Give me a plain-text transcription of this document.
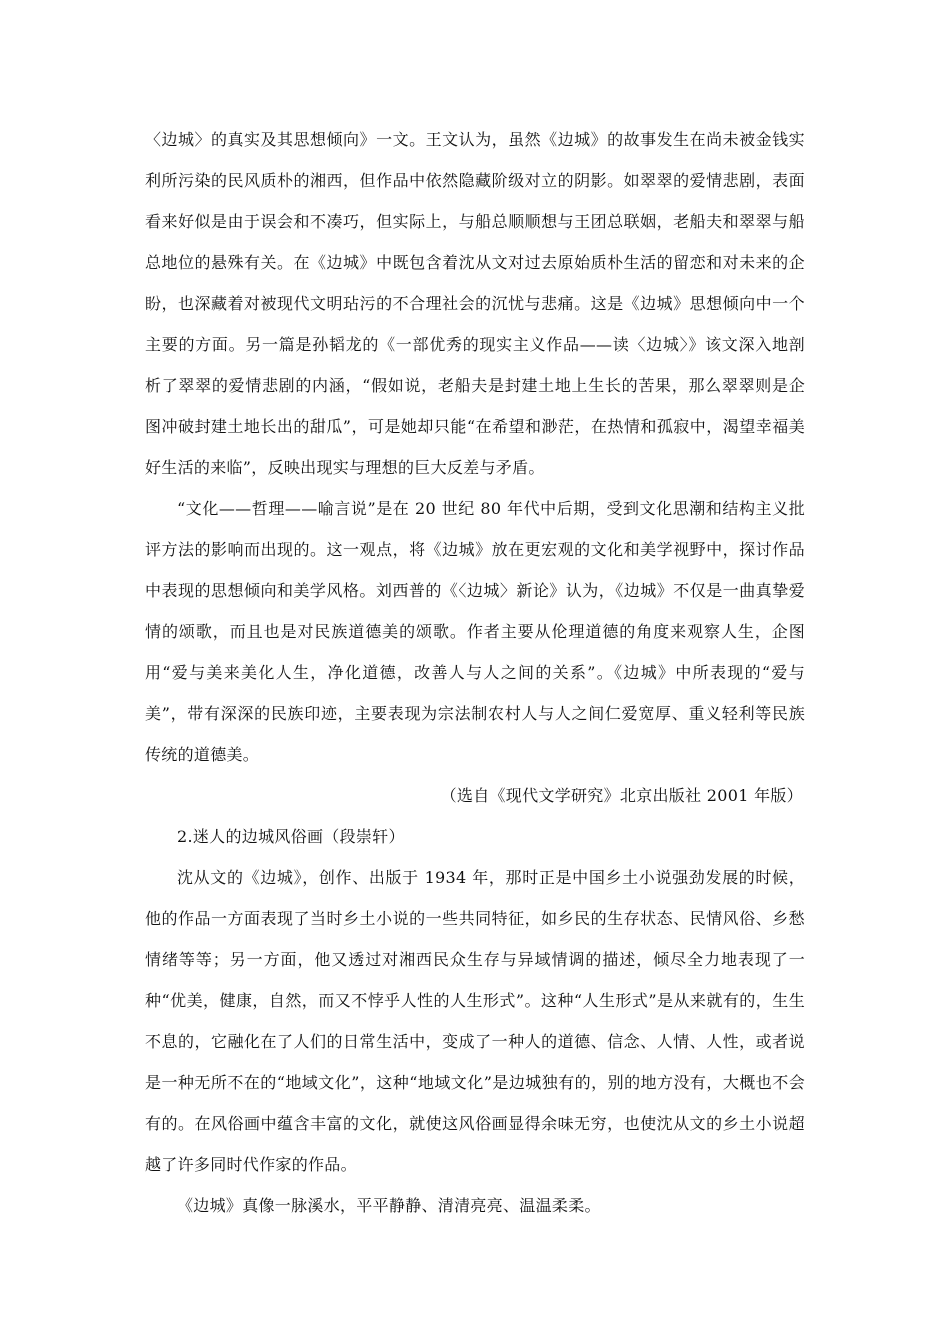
〈边城〉的真实及其思想倾向》一文。王文认为，虽然《边城》的故事发生在尚未被金钱实利所污染的民风质朴的湘西，但作品中依然隐藏阶级对立的阴影。如翠翠的爱情悲剧，表面看来好似是由于误会和不凑巧，但实际上，与船总顺顺想与王团总联姻，老船夫和翠翠与船总地位的悬殊有关。在《边城》中既包含着沈从文对过去原始质朴生活的留恋和对未来的企盼，也深藏着对被现代文明玷污的不合理社会的沉忧与悲痛。这是《边城》思想倾向中一个主要的方面。另一篇是孙韬龙的《一部优秀的现实主义作品——读〈边城〉》该文深入地剖析了翠翠的爱情悲剧的内涵，“假如说，老船夫是封建土地上生长的苦果，那么翠翠则是企图冲破封建土地长出的甜瓜”，可是她却只能“在希望和渺茫，在热情和孤寂中，渴望幸福美好生活的来临”，反映出现实与理想的巨大反差与矛盾。

“文化——哲理——喻言说”是在 20 世纪 80 年代中后期，受到文化思潮和结构主义批评方法的影响而出现的。这一观点，将《边城》放在更宏观的文化和美学视野中，探讨作品中表现的思想倾向和美学风格。刘西普的《〈边城〉新论》认为，《边城》不仅是一曲真挚爱情的颂歌，而且也是对民族道德美的颂歌。作者主要从伦理道德的角度来观察人生，企图用“爱与美来美化人生，净化道德，改善人与人之间的关系”。《边城》中所表现的“爱与美”，带有深深的民族印迹，主要表现为宗法制农村人与人之间仁爱宽厚、重义轻利等民族传统的道德美。

（选自《现代文学研究》北京出版社 2001 年版）

2.迷人的边城风俗画（段崇轩）

沈从文的《边城》，创作、出版于 1934 年，那时正是中国乡土小说强劲发展的时候，他的作品一方面表现了当时乡土小说的一些共同特征，如乡民的生存状态、民情风俗、乡愁情绪等等；另一方面，他又透过对湘西民众生存与异域情调的描述，倾尽全力地表现了一种“优美，健康，自然，而又不悖乎人性的人生形式”。这种“人生形式”是从来就有的，生生不息的，它融化在了人们的日常生活中，变成了一种人的道德、信念、人情、人性，或者说是一种无所不在的“地域文化”，这种“地域文化”是边城独有的，别的地方没有，大概也不会有的。在风俗画中蕴含丰富的文化，就使这风俗画显得余味无穷，也使沈从文的乡土小说超越了许多同时代作家的作品。

《边城》真像一脉溪水，平平静静、清清亮亮、温温柔柔。
